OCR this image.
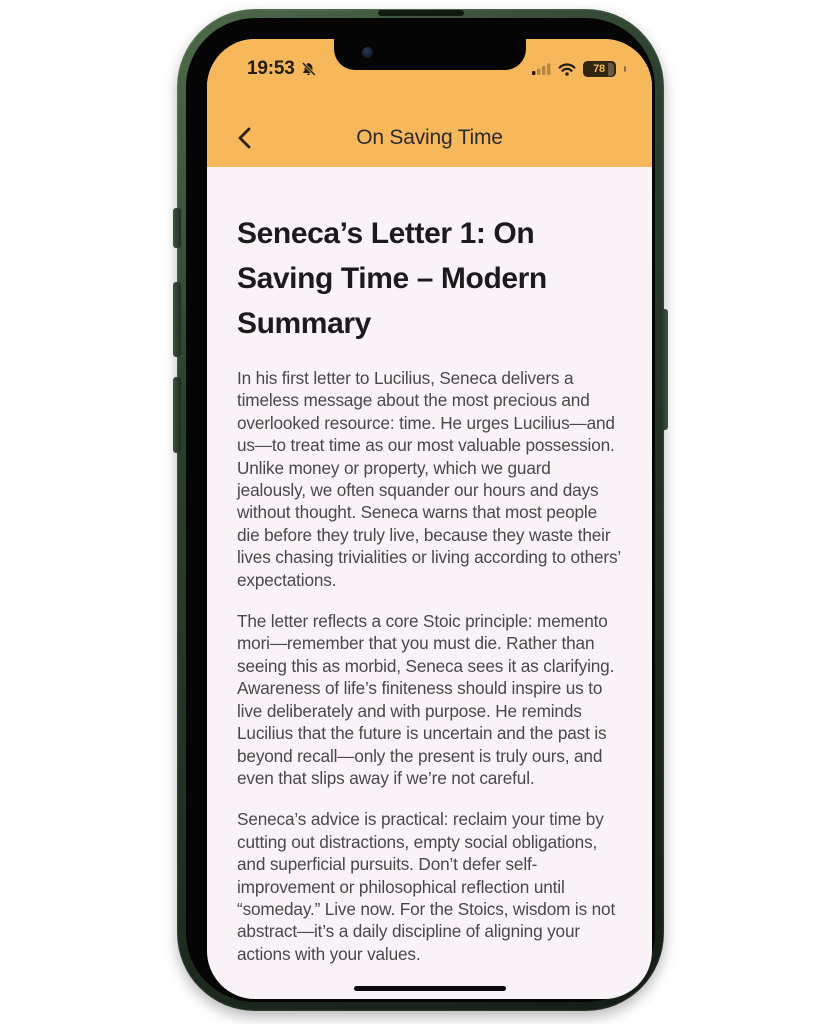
19:53	78
On Saving Time
Seneca’s Letter 1: On Saving Time – Modern Summary

In his first letter to Lucilius, Seneca delivers a timeless message about the most precious and overlooked resource: time. He urges Lucilius—and us—to treat time as our most valuable possession. Unlike money or property, which we guard jealously, we often squander our hours and days without thought. Seneca warns that most people die before they truly live, because they waste their lives chasing trivialities or living according to others’ expectations.

The letter reflects a core Stoic principle: memento mori—remember that you must die. Rather than seeing this as morbid, Seneca sees it as clarifying. Awareness of life’s finiteness should inspire us to live deliberately and with purpose. He reminds Lucilius that the future is uncertain and the past is beyond recall—only the present is truly ours, and even that slips away if we’re not careful.

Seneca’s advice is practical: reclaim your time by cutting out distractions, empty social obligations, and superficial pursuits. Don’t defer self-improvement or philosophical reflection until “someday.” Live now. For the Stoics, wisdom is not abstract—it’s a daily discipline of aligning your actions with your values.
